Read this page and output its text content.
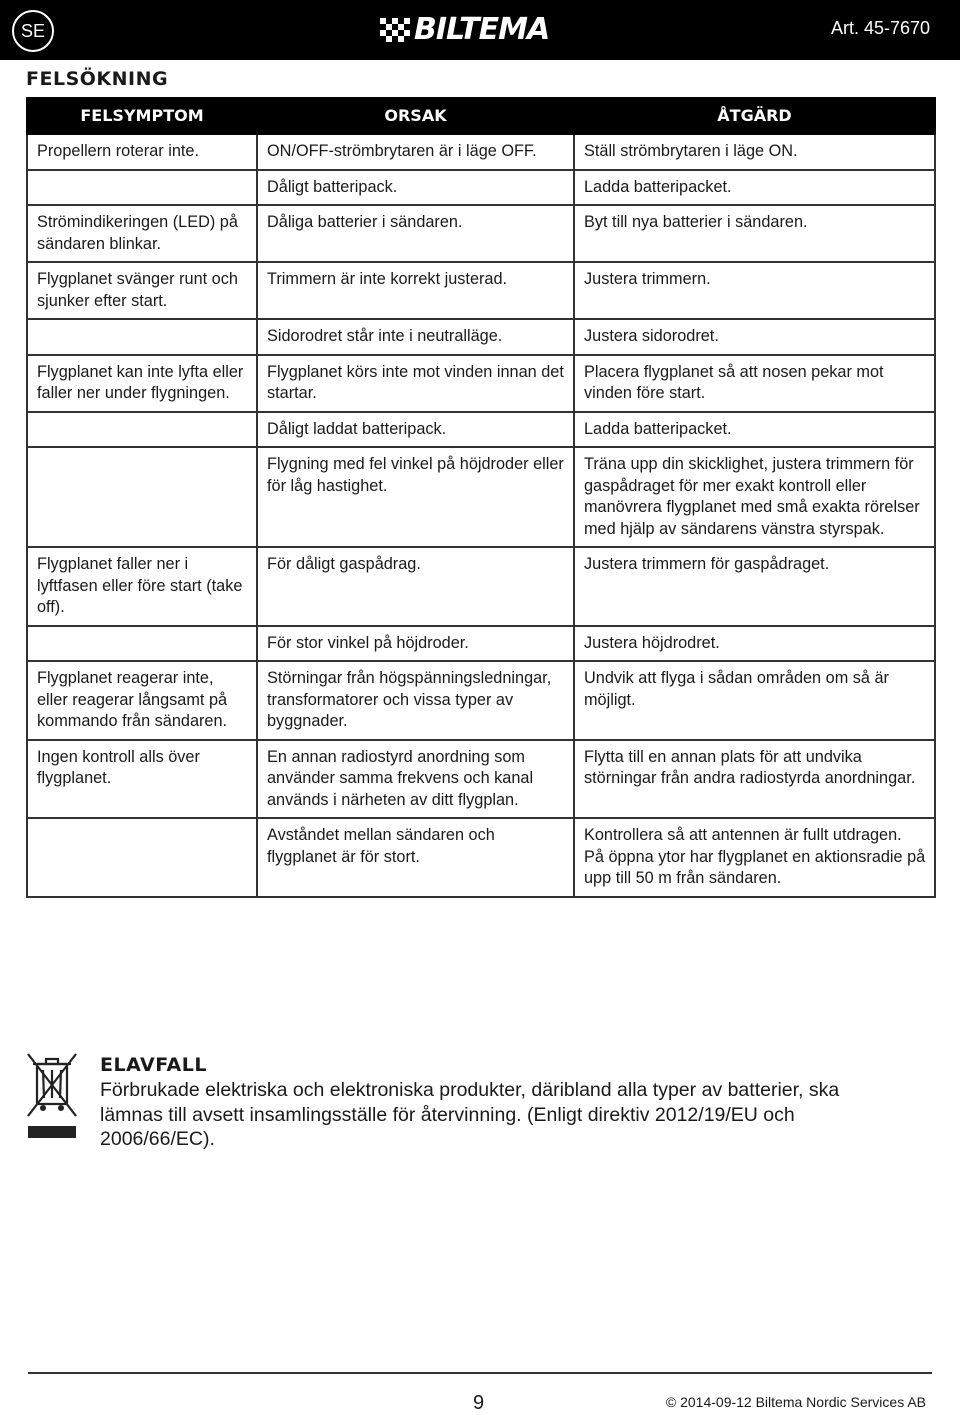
SE	BILTEMA	Art. 45-7670
FELSÖKNING
FELSYMPTOM	ORSAK	ÅTGÄRD
Propellern roterar inte.	ON/OFF-strömbrytaren är i läge OFF.	Ställ strömbrytaren i läge ON.
	Dåligt batteripack.	Ladda batteripacket.
Strömindikeringen (LED) på sändaren blinkar.	Dåliga batterier i sändaren.	Byt till nya batterier i sändaren.
Flygplanet svänger runt och sjunker efter start.	Trimmern är inte korrekt justerad.	Justera trimmern.
	Sidorodret står inte i neutralläge.	Justera sidorodret.
Flygplanet kan inte lyfta eller faller ner under flygningen.	Flygplanet körs inte mot vinden innan det startar.	Placera flygplanet så att nosen pekar mot vinden före start.
	Dåligt laddat batteripack.	Ladda batteripacket.
	Flygning med fel vinkel på höjdroder eller för låg hastighet.	Träna upp din skicklighet, justera trimmern för gaspådraget för mer exakt kontroll eller manövrera flygplanet med små exakta rörelser med hjälp av sändarens vänstra styrspak.
Flygplanet faller ner i lyftfasen eller före start (take off).	För dåligt gaspådrag.	Justera trimmern för gaspådraget.
	För stor vinkel på höjdroder.	Justera höjdrodret.
Flygplanet reagerar inte, eller reagerar långsamt på kommando från sändaren.	Störningar från högspänningsledningar, transformatorer och vissa typer av byggnader.	Undvik att flyga i sådan områden om så är möjligt.
Ingen kontroll alls över flygplanet.	En annan radiostyrd anordning som använder samma frekvens och kanal används i närheten av ditt flygplan.	Flytta till en annan plats för att undvika störningar från andra radiostyrda anordningar.
	Avståndet mellan sändaren och flygplanet är för stort.	Kontrollera så att antennen är fullt utdragen. På öppna ytor har flygplanet en aktionsradie på upp till 50 m från sändaren.
ELAVFALL
Förbrukade elektriska och elektroniska produkter, däribland alla typer av batterier, ska lämnas till avsett insamlingsställe för återvinning. (Enligt direktiv 2012/19/EU och 2006/66/EC).
9	© 2014-09-12 Biltema Nordic Services AB
